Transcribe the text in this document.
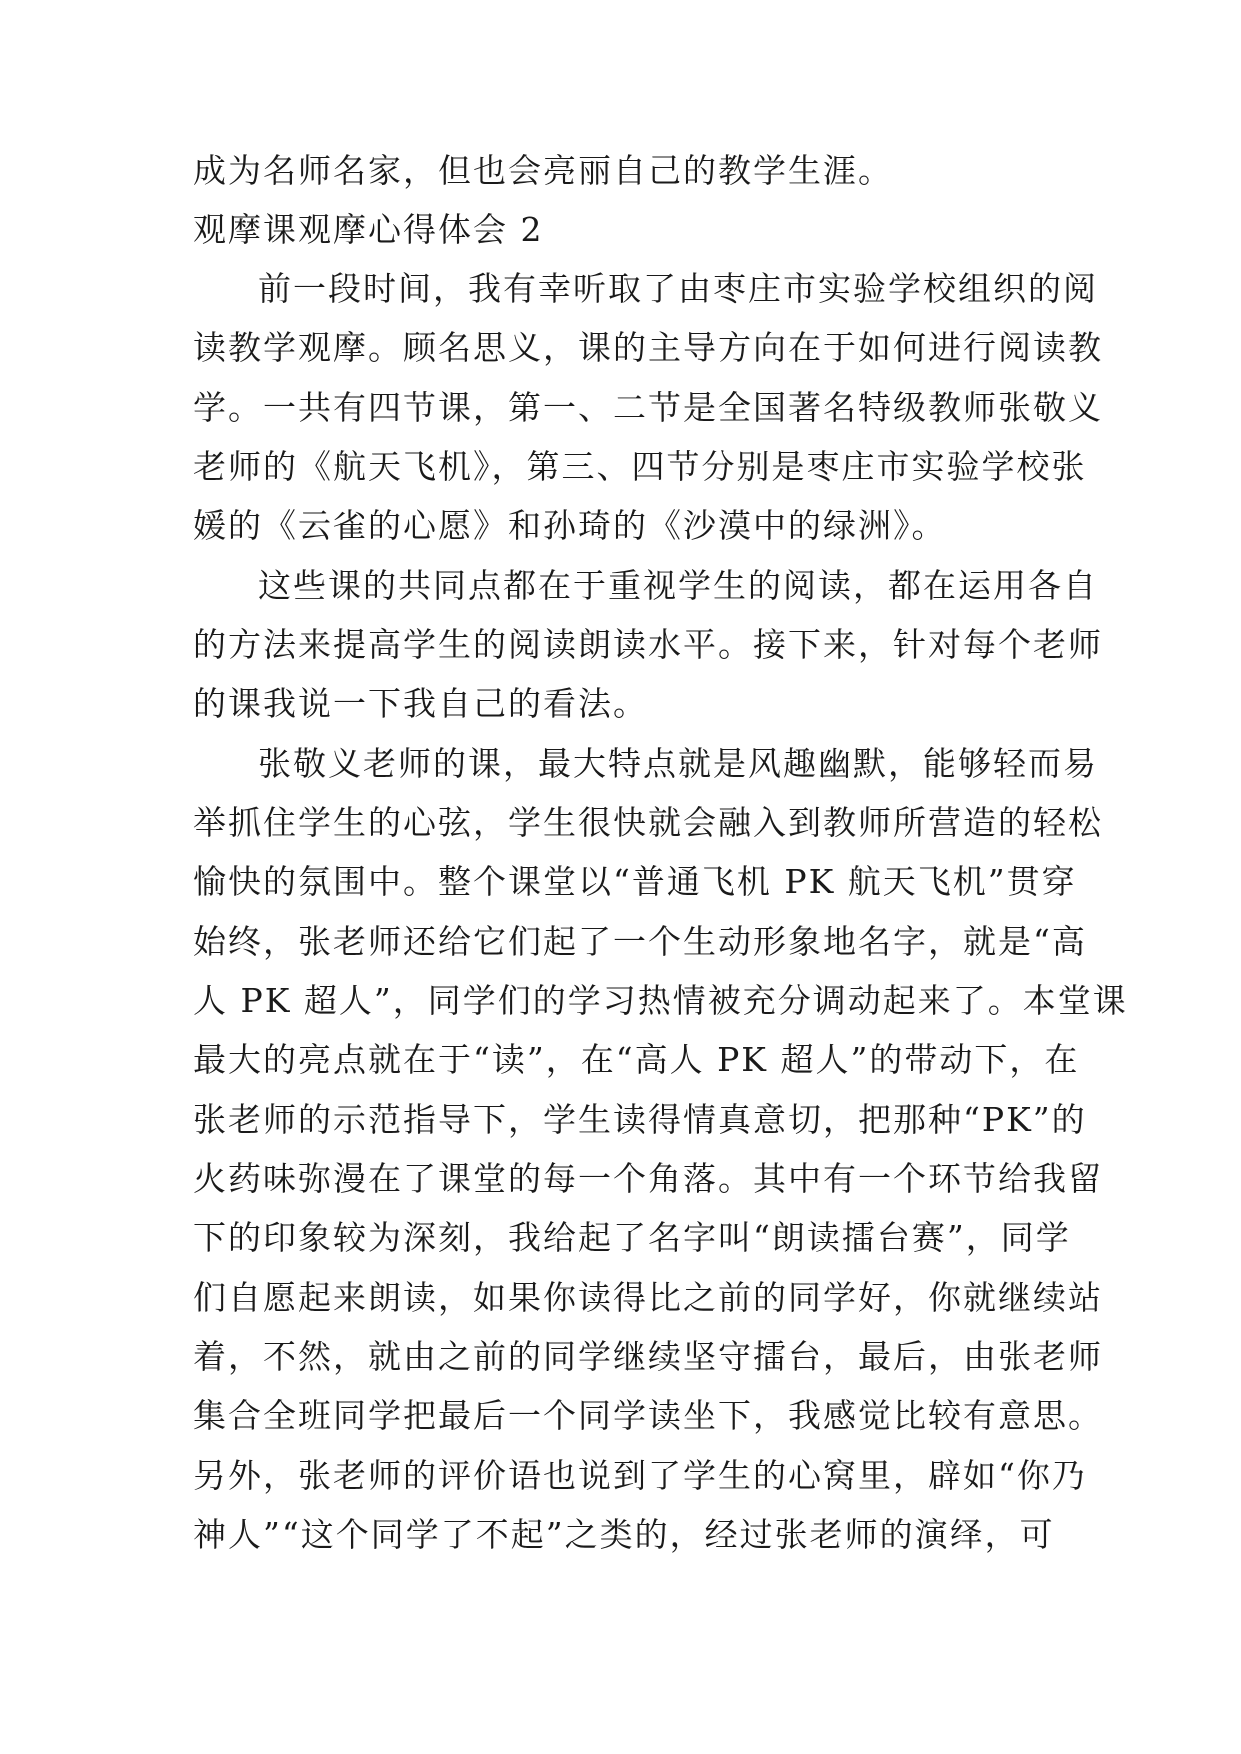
成为名师名家，但也会亮丽自己的教学生涯。
观摩课观摩心得体会 2
前一段时间，我有幸听取了由枣庄市实验学校组织的阅
读教学观摩。顾名思义，课的主导方向在于如何进行阅读教
学。一共有四节课，第一、二节是全国著名特级教师张敬义
老师的《航天飞机》，第三、四节分别是枣庄市实验学校张
媛的《云雀的心愿》和孙琦的《沙漠中的绿洲》。
这些课的共同点都在于重视学生的阅读，都在运用各自
的方法来提高学生的阅读朗读水平。接下来，针对每个老师
的课我说一下我自己的看法。
张敬义老师的课，最大特点就是风趣幽默，能够轻而易
举抓住学生的心弦，学生很快就会融入到教师所营造的轻松
愉快的氛围中。整个课堂以“普通飞机 PK 航天飞机”贯穿
始终，张老师还给它们起了一个生动形象地名字，就是“高
人 PK 超人”，同学们的学习热情被充分调动起来了。本堂课
最大的亮点就在于“读”，在“高人 PK 超人”的带动下，在
张老师的示范指导下，学生读得情真意切，把那种“PK”的
火药味弥漫在了课堂的每一个角落。其中有一个环节给我留
下的印象较为深刻，我给起了名字叫“朗读擂台赛”，同学
们自愿起来朗读，如果你读得比之前的同学好，你就继续站
着，不然，就由之前的同学继续坚守擂台，最后，由张老师
集合全班同学把最后一个同学读坐下，我感觉比较有意思。
另外，张老师的评价语也说到了学生的心窝里，辟如“你乃
神人”“这个同学了不起”之类的，经过张老师的演绎，可
